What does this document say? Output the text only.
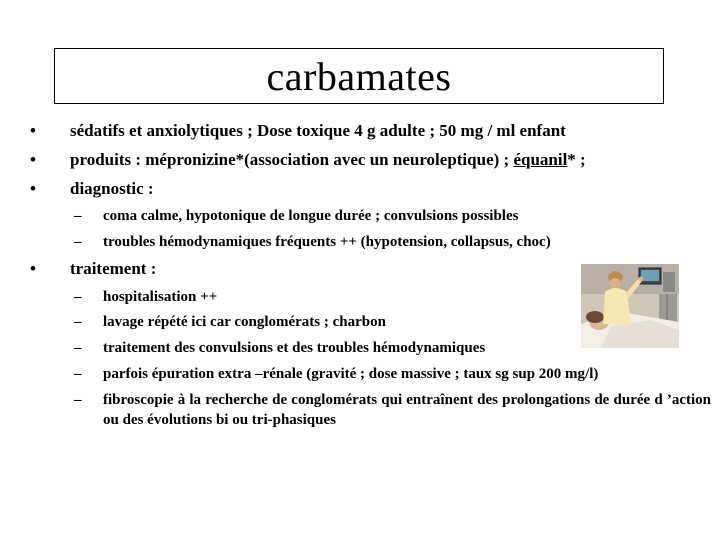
carbamates
• sédatifs et anxiolytiques ; Dose toxique 4 g adulte ; 50 mg / ml enfant
• produits : mépronizine*(association avec un neuroleptique) ; équanil* ;
• diagnostic :
– coma calme, hypotonique de longue durée ; convulsions possibles
– troubles hémodynamiques fréquents ++ (hypotension, collapsus, choc)
• traitement :
– hospitalisation ++
– lavage répété ici car conglomérats ; charbon
– traitement des convulsions et des troubles hémodynamiques
– parfois épuration extra –rénale (gravité ; dose massive ; taux sg sup 200 mg/l)
– fibroscopie à la recherche de conglomérats qui entraînent des prolongations de durée d ’action ou des évolutions bi ou tri-phasiques
